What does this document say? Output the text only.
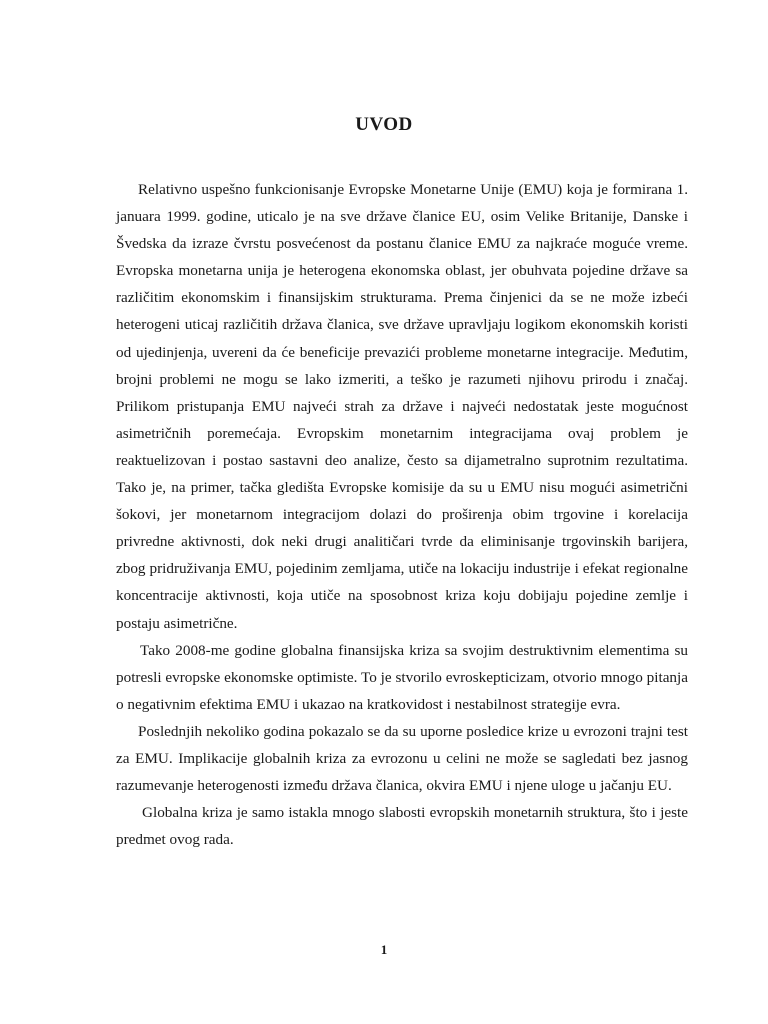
UVOD

Relativno uspešno funkcionisanje Evropske Monetarne Unije (EMU) koja je formirana 1. januara 1999. godine, uticalo je na sve države članice EU, osim Velike Britanije, Danske i Švedska da izraze čvrstu posvećenost da postanu članice EMU za najkraće moguće vreme. Evropska monetarna unija je heterogena ekonomska oblast, jer obuhvata pojedine države sa različitim ekonomskim i finansijskim strukturama. Prema činjenici da se ne može izbeći heterogeni uticaj različitih država članica, sve države upravljaju logikom ekonomskih koristi od ujedinjenja, uvereni da će beneficije prevazići probleme monetarne integracije. Međutim, brojni problemi ne mogu se lako izmeriti, a teško je razumeti njihovu prirodu i značaj. Prilikom pristupanja EMU najveći strah za države i najveći nedostatak jeste mogućnost asimetričnih poremećaja. Evropskim monetarnim integracijama ovaj problem je reaktuelizovan i postao sastavni deo analize, često sa dijametralno suprotnim rezultatima. Tako je, na primer, tačka gledišta Evropske komisije da su u EMU nisu mogući asimetrični šokovi, jer monetarnom integracijom dolazi do proširenja obim trgovine i korelacija privredne aktivnosti, dok neki drugi analitičari tvrde da eliminisanje trgovinskih barijera, zbog pridruživanja EMU, pojedinim zemljama, utiče na lokaciju industrije i efekat regionalne koncentracije aktivnosti, koja utiče na sposobnost kriza koju dobijaju pojedine zemlje i postaju asimetrične.

Tako 2008-me godine globalna finansijska kriza sa svojim destruktivnim elementima su potresli evropske ekonomske optimiste. To je stvorilo evroskepticizam, otvorio mnogo pitanja o negativnim efektima EMU i ukazao na kratkovidost i nestabilnost strategije evra.

Poslednjih nekoliko godina pokazalo se da su uporne posledice krize u evrozoni trajni test za EMU. Implikacije globalnih kriza za evrozonu u celini ne može se sagledati bez jasnog razumevanje heterogenosti između država članica, okvira EMU i njene uloge u jačanju EU.

Globalna kriza je samo istakla mnogo slabosti evropskih monetarnih struktura, što i jeste predmet ovog rada.

1
